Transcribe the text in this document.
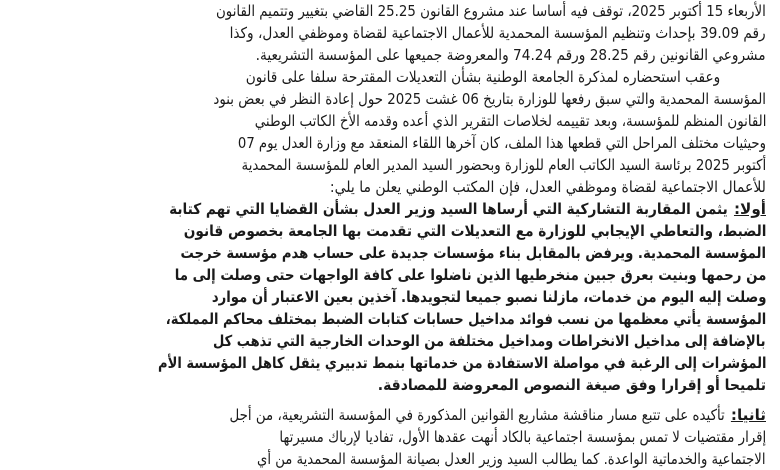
الأربعاء 15 أكتوبر 2025، توقف فيه أساسا عند مشروع القانون 25.25 القاضي بتغيير وتتميم القانون
رقم 39.09 بإحداث وتنظيم المؤسسة المحمدية للأعمال الاجتماعية لقضاة وموظفي العدل، وكذا
مشروعي القانونين رقم 28.25 ورقم 74.24 والمعروضة جميعها على المؤسسة التشريعية.
وعقب استحضاره لمذكرة الجامعة الوطنية بشأن التعديلات المقترحة سلفا على قانون
المؤسسة المحمدية والتي سبق رفعها للوزارة بتاريخ 06 غشت 2025 حول إعادة النظر في بعض بنود
القانون المنظم للمؤسسة، وبعد تقييمه لخلاصات التقرير الذي أعده وقدمه الأخ الكاتب الوطني
وحيثيات مختلف المراحل التي قطعها هذا الملف، كان آخرها اللقاء المنعقد مع وزارة العدل يوم 07
أكتوبر 2025 برئاسة السيد الكاتب العام للوزارة وبحضور السيد المدير العام للمؤسسة المحمدية
للأعمال الاجتماعية لقضاة وموظفي العدل، فإن المكتب الوطني يعلن ما يلي:
أولا:يثمن المقاربة التشاركية التي أرساها السيد وزير العدل بشأن القضايا التي تهم كتابة
الضبط، والتعاطي الإيجابي للوزارة مع التعديلات التي تقدمت بها الجامعة بخصوص قانون
المؤسسة المحمدية. ويرفض بالمقابل بناء مؤسسات جديدة على حساب هدم مؤسسة خرجت
من رحمها وبنيت بعرق جبين منخرطيها الذين ناضلوا على كافة الواجهات حتى وصلت إلى ما
وصلت إليه اليوم من خدمات، مازلنا نصبو جميعا لتجويدها. آخذين بعين الاعتبار أن موارد
المؤسسة يأتي معظمها من نسب فوائد مداخيل حسابات كتابات الضبط بمختلف محاكم المملكة،
بالإضافة إلى مداخيل الانخراطات ومداخيل مختلفة من الوحدات الخارجية التي تذهب كل
المؤشرات إلى الرغبة في مواصلة الاستفادة من خدماتها بنمط تدبيري يثقل كاهل المؤسسة الأم
تلميحا أو إقرارا وفق صيغة النصوص المعروضة للمصادقة.
ثانيا:تأكيده على تتبع مسار مناقشة مشاريع القوانين المذكورة في المؤسسة التشريعية، من أجل
إقرار مقتضيات لا تمس بمؤسسة اجتماعية بالكاد أنهت عقدها الأول، تفاديا لإرباك مسيرتها
الاجتماعية والخدماتية الواعدة. كما يطالب السيد وزير العدل بصيانة المؤسسة المحمدية من أي
